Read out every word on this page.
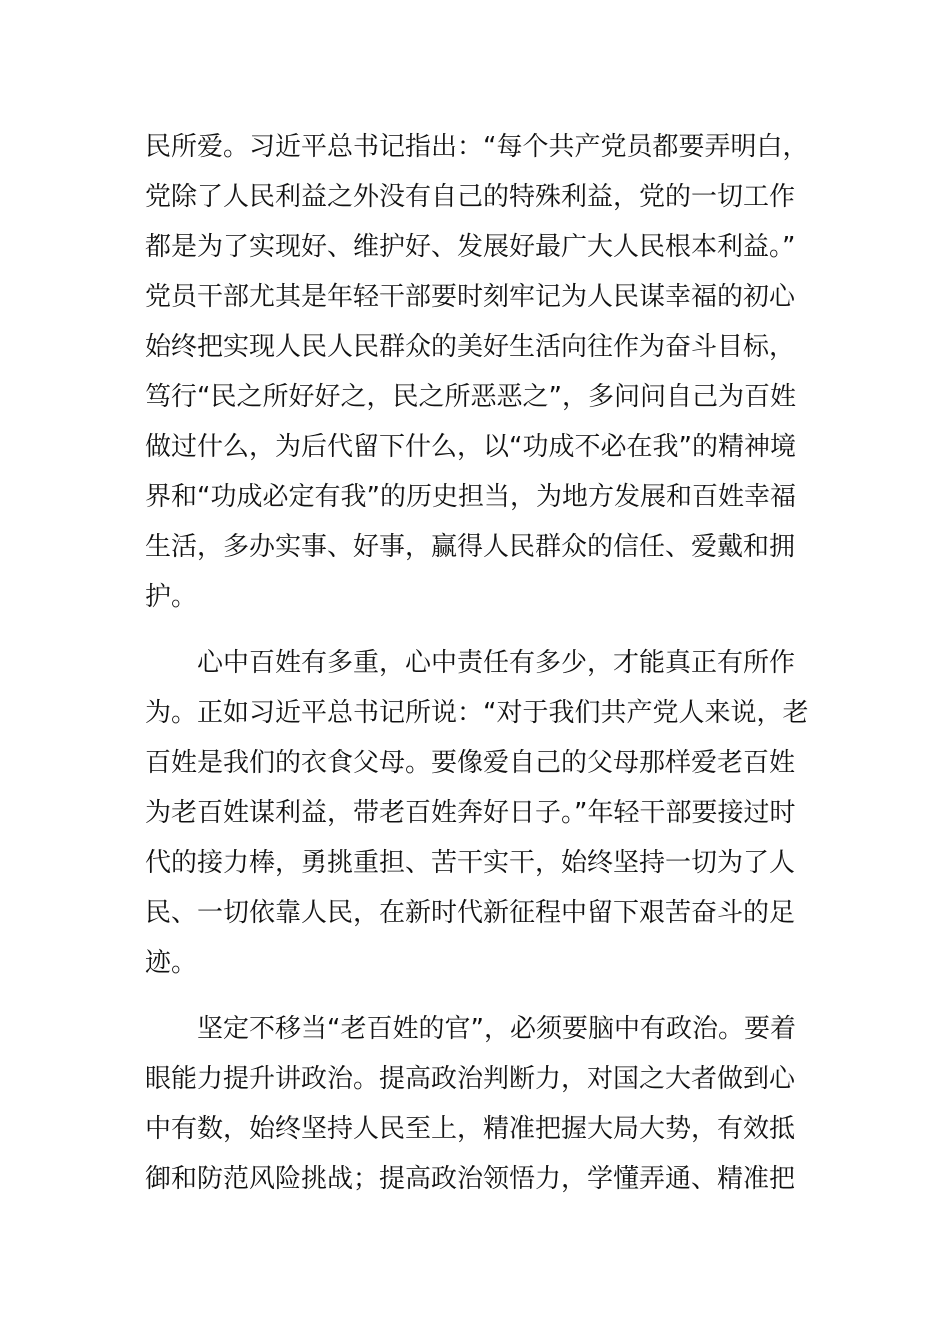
民所爱。习近平总书记指出：“每个共产党员都要弄明白，
党除了人民利益之外没有自己的特殊利益，党的一切工作
都是为了实现好、维护好、发展好最广大人民根本利益。”
党员干部尤其是年轻干部要时刻牢记为人民谋幸福的初心
始终把实现人民人民群众的美好生活向往作为奋斗目标，
笃行“民之所好好之，民之所恶恶之”，多问问自己为百姓
做过什么，为后代留下什么，以“功成不必在我”的精神境
界和“功成必定有我”的历史担当，为地方发展和百姓幸福
生活，多办实事、好事，赢得人民群众的信任、爱戴和拥
护。
心中百姓有多重，心中责任有多少，才能真正有所作
为。正如习近平总书记所说：“对于我们共产党人来说，老
百姓是我们的衣食父母。要像爱自己的父母那样爱老百姓
为老百姓谋利益，带老百姓奔好日子。”年轻干部要接过时
代的接力棒，勇挑重担、苦干实干，始终坚持一切为了人
民、一切依靠人民，在新时代新征程中留下艰苦奋斗的足
迹。
坚定不移当“老百姓的官”，必须要脑中有政治。要着
眼能力提升讲政治。提高政治判断力，对国之大者做到心
中有数，始终坚持人民至上，精准把握大局大势，有效抵
御和防范风险挑战；提高政治领悟力，学懂弄通、精准把
